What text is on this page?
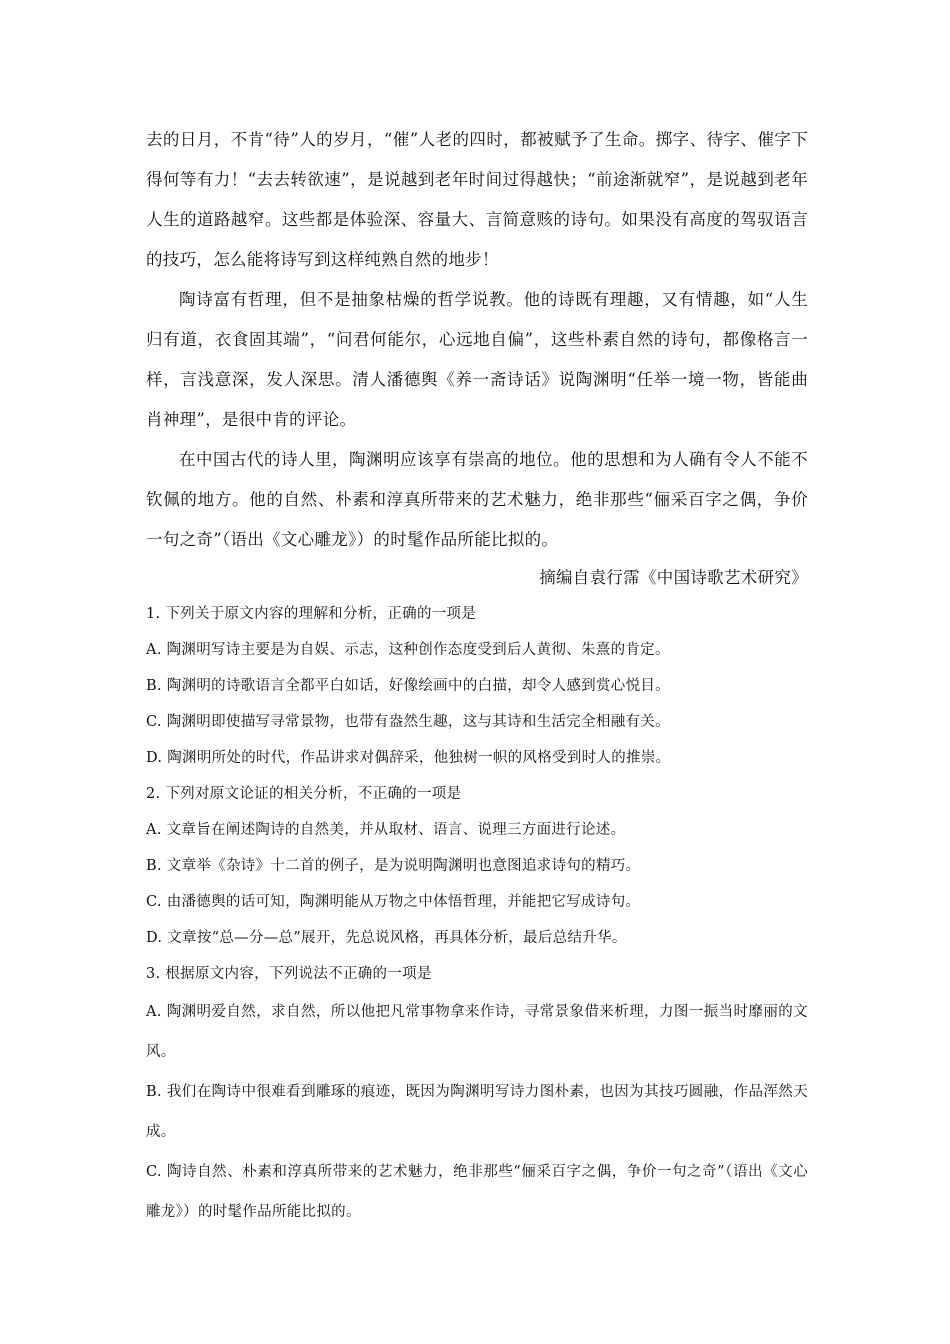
去的日月，不肯“待”人的岁月，“催”人老的四时，都被赋予了生命。掷字、待字、催字下得何等有力！“去去转欲速”，是说越到老年时间过得越快；“前途渐就窄”，是说越到老年人生的道路越窄。这些都是体验深、容量大、言简意赅的诗句。如果没有高度的驾驭语言的技巧，怎么能将诗写到这样纯熟自然的地步！

陶诗富有哲理，但不是抽象枯燥的哲学说教。他的诗既有理趣，又有情趣，如“人生归有道，衣食固其端”，“问君何能尔，心远地自偏”，这些朴素自然的诗句，都像格言一样，言浅意深，发人深思。清人潘德舆《养一斋诗话》说陶渊明“任举一境一物，皆能曲肖神理”，是很中肯的评论。

在中国古代的诗人里，陶渊明应该享有崇高的地位。他的思想和为人确有令人不能不钦佩的地方。他的自然、朴素和淳真所带来的艺术魅力，绝非那些“俪采百字之偶，争价一句之奇”（语出《文心雕龙》）的时髦作品所能比拟的。

摘编自袁行霈《中国诗歌艺术研究》

1. 下列关于原文内容的理解和分析，正确的一项是

A. 陶渊明写诗主要是为自娱、示志，这种创作态度受到后人黄彻、朱熹的肯定。

B. 陶渊明的诗歌语言全都平白如话，好像绘画中的白描，却令人感到赏心悦目。

C. 陶渊明即使描写寻常景物，也带有盎然生趣，这与其诗和生活完全相融有关。

D. 陶渊明所处的时代，作品讲求对偶辞采，他独树一帜的风格受到时人的推崇。

2. 下列对原文论证的相关分析，不正确的一项是

A. 文章旨在阐述陶诗的自然美，并从取材、语言、说理三方面进行论述。

B. 文章举《杂诗》十二首的例子，是为说明陶渊明也意图追求诗句的精巧。

C. 由潘德舆的话可知，陶渊明能从万物之中体悟哲理，并能把它写成诗句。

D. 文章按“总—分—总”展开，先总说风格，再具体分析，最后总结升华。

3. 根据原文内容，下列说法不正确的一项是

A. 陶渊明爱自然，求自然，所以他把凡常事物拿来作诗，寻常景象借来析理，力图一振当时靡丽的文风。

B. 我们在陶诗中很难看到雕琢的痕迹，既因为陶渊明写诗力图朴素，也因为其技巧圆融，作品浑然天成。

C. 陶诗自然、朴素和淳真所带来的艺术魅力，绝非那些“俪采百字之偶，争价一句之奇”（语出《文心雕龙》）的时髦作品所能比拟的。
